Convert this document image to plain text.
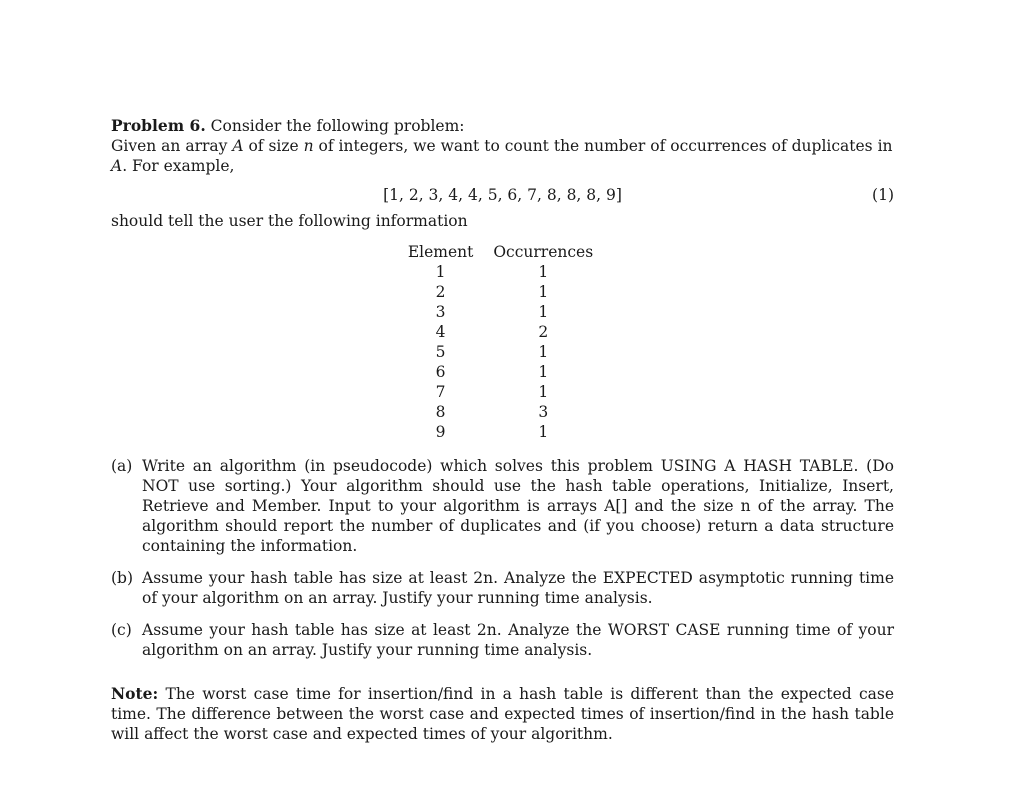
Problem 6. Consider the following problem:
Given an array A of size n of integers, we want to count the number of occurrences of duplicates in A. For example,
[1, 2, 3, 4, 4, 5, 6, 7, 8, 8, 8, 9]	(1)
should tell the user the following information
Element	Occurrences
1	1
2	1
3	1
4	2
5	1
6	1
7	1
8	3
9	1
(a) Write an algorithm (in pseudocode) which solves this problem USING A HASH TABLE. (Do NOT use sorting.) Your algorithm should use the hash table operations, Initialize, Insert, Retrieve and Member. Input to your algorithm is arrays A[] and the size n of the array. The algorithm should report the number of duplicates and (if you choose) return a data structure containing the information.
(b) Assume your hash table has size at least 2n. Analyze the EXPECTED asymptotic running time of your algorithm on an array. Justify your running time analysis.
(c) Assume your hash table has size at least 2n. Analyze the WORST CASE running time of your algorithm on an array. Justify your running time analysis.
Note: The worst case time for insertion/find in a hash table is different than the expected case time. The difference between the worst case and expected times of insertion/find in the hash table will affect the worst case and expected times of your algorithm.
